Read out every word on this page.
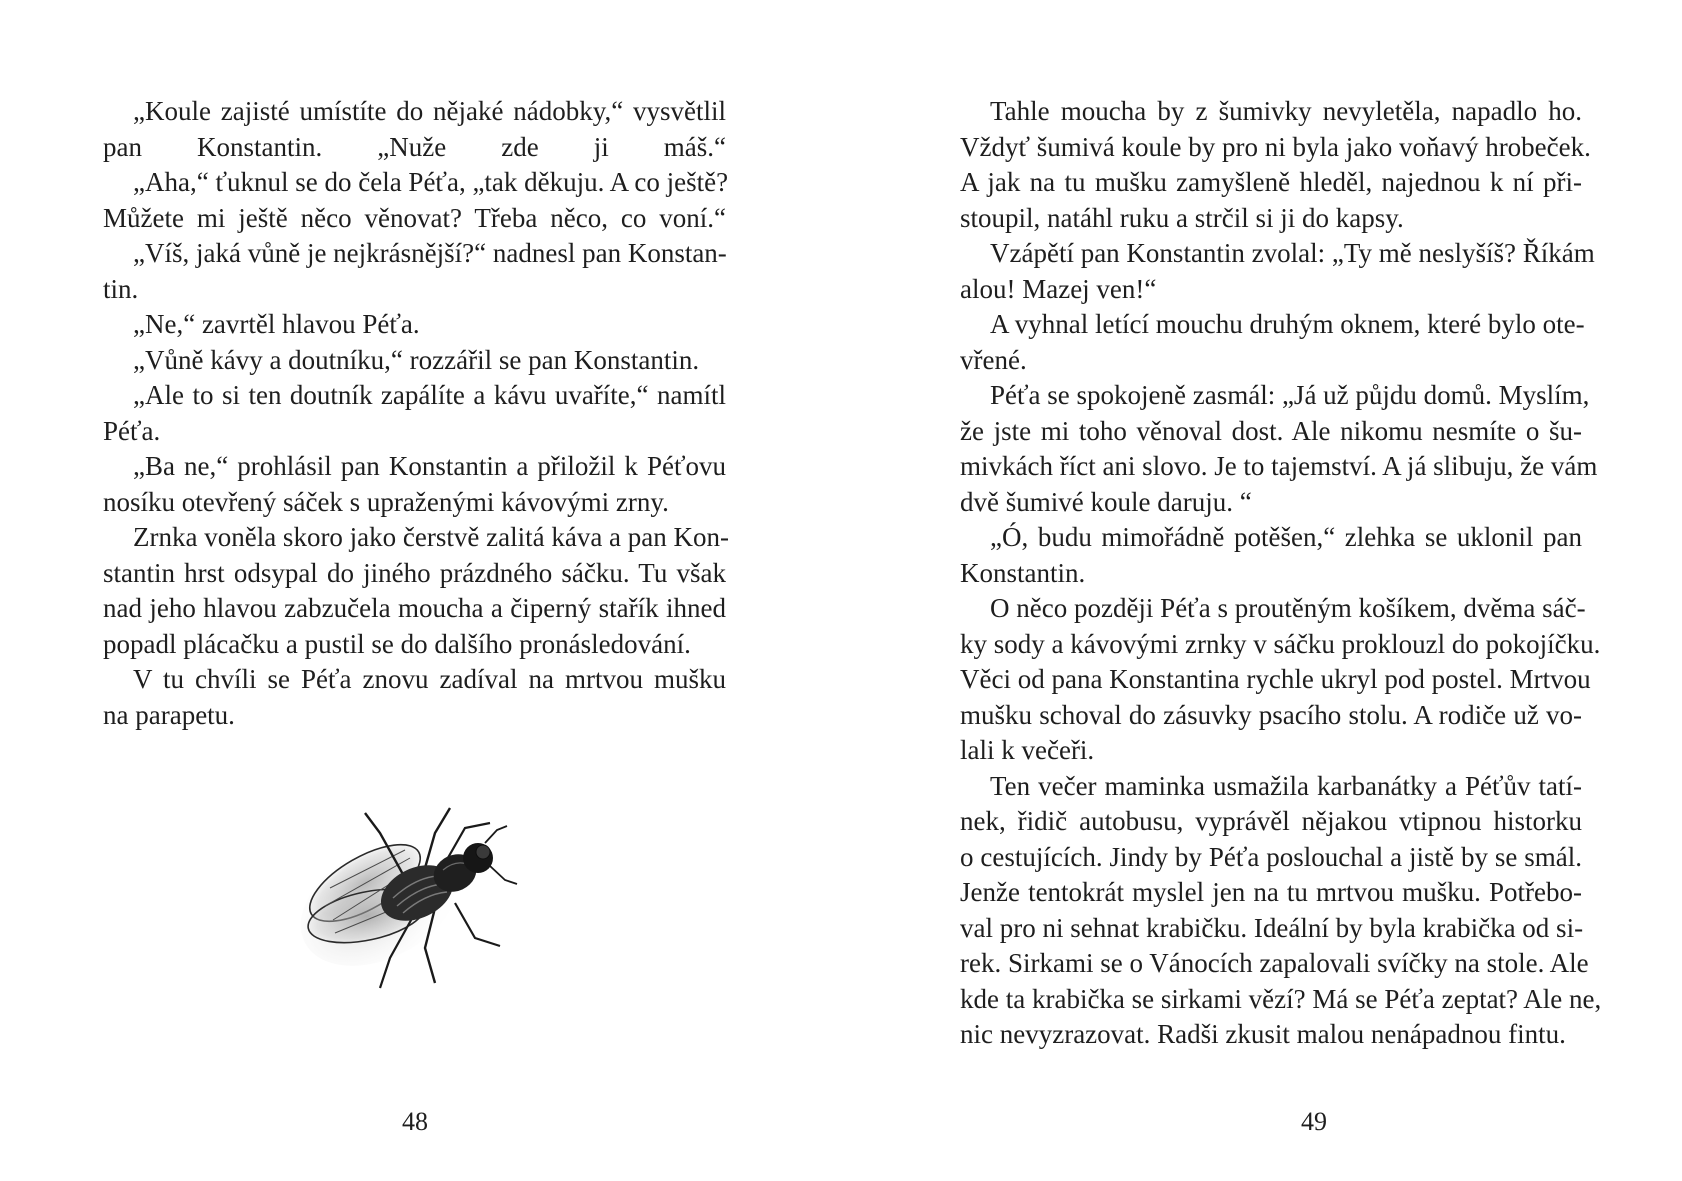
„Koule zajisté umístíte do nějaké nádobky,“ vysvětlil
pan Konstantin. „Nuže zde ji máš.“
„Aha,“ ťuknul se do čela Péťa, „tak děkuju. A co ještě?
Můžete mi ještě něco věnovat? Třeba něco, co voní.“
„Víš, jaká vůně je nejkrásnější?“ nadnesl pan Konstan-
tin.
„Ne,“ zavrtěl hlavou Péťa.
„Vůně kávy a doutníku,“ rozzářil se pan Konstantin.
„Ale to si ten doutník zapálíte a kávu uvaříte,“ namítl
Péťa.
„Ba ne,“ prohlásil pan Konstantin a přiložil k Péťovu
nosíku otevřený sáček s upraženými kávovými zrny.
Zrnka voněla skoro jako čerstvě zalitá káva a pan Kon-
stantin hrst odsypal do jiného prázdného sáčku. Tu však
nad jeho hlavou zabzučela moucha a čiperný stařík ihned
popadl plácačku a pustil se do dalšího pronásledování.
V tu chvíli se Péťa znovu zadíval na mrtvou mušku
na parapetu.
48
Tahle moucha by z šumivky nevyletěla, napadlo ho.
Vždyť šumivá koule by pro ni byla jako voňavý hrobeček.
A jak na tu mušku zamyšleně hleděl, najednou k ní při-
stoupil, natáhl ruku a strčil si ji do kapsy.
Vzápětí pan Konstantin zvolal: „Ty mě neslyšíš? Říkám
alou! Mazej ven!“
A vyhnal letící mouchu druhým oknem, které bylo ote-
vřené.
Péťa se spokojeně zasmál: „Já už půjdu domů. Myslím,
že jste mi toho věnoval dost. Ale nikomu nesmíte o šu-
mivkách říct ani slovo. Je to tajemství. A já slibuju, že vám
dvě šumivé koule daruju. “
„Ó, budu mimořádně potěšen,“ zlehka se uklonil pan
Konstantin.
O něco později Péťa s proutěným košíkem, dvěma sáč-
ky sody a kávovými zrnky v sáčku proklouzl do pokojíčku.
Věci od pana Konstantina rychle ukryl pod postel. Mrtvou
mušku schoval do zásuvky psacího stolu. A rodiče už vo-
lali k večeři.
Ten večer maminka usmažila karbanátky a Péťův tatí-
nek, řidič autobusu, vyprávěl nějakou vtipnou historku
o cestujících. Jindy by Péťa poslouchal a jistě by se smál.
Jenže tentokrát myslel jen na tu mrtvou mušku. Potřebo-
val pro ni sehnat krabičku. Ideální by byla krabička od si-
rek. Sirkami se o Vánocích zapalovali svíčky na stole. Ale
kde ta krabička se sirkami vězí? Má se Péťa zeptat? Ale ne,
nic nevyzrazovat. Radši zkusit malou nenápadnou fintu.
49
